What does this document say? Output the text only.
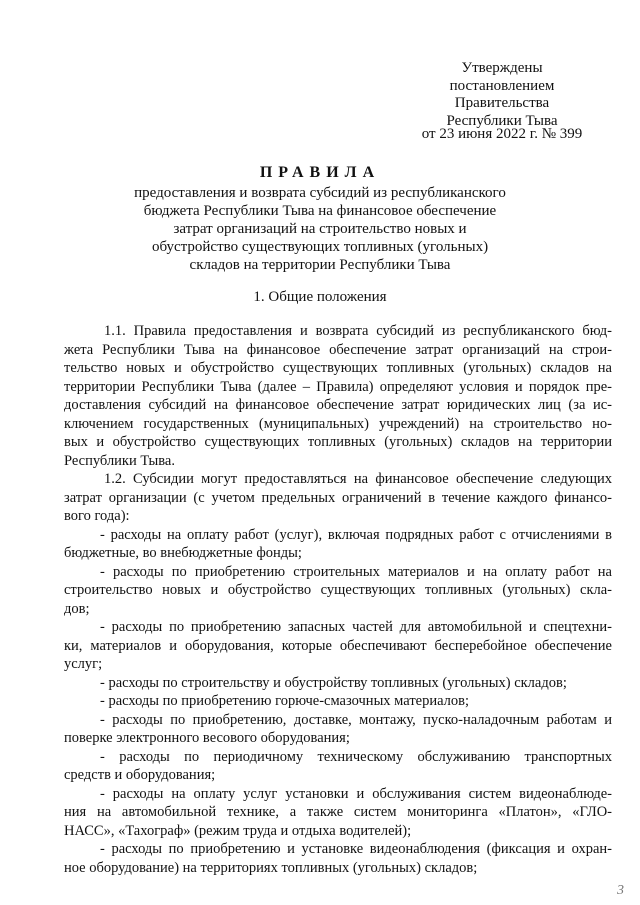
Утверждены
постановлением Правительства
Республики Тыва
от 23 июня 2022 г. № 399
ПРАВИЛА
предоставления и возврата субсидий из республиканского
бюджета Республики Тыва на финансовое обеспечение
затрат организаций на строительство новых и
обустройство существующих топливных (угольных)
складов на территории Республики Тыва
1. Общие положения
1.1. Правила предоставления и возврата субсидий из республиканского бюд-
жета Республики Тыва на финансовое обеспечение затрат организаций на строи-
тельство новых и обустройство существующих топливных (угольных) складов на
территории Республики Тыва (далее – Правила) определяют условия и порядок пре-
доставления субсидий на финансовое обеспечение затрат юридических лиц (за ис-
ключением государственных (муниципальных) учреждений) на строительство но-
вых и обустройство существующих топливных (угольных) складов на территории
Республики Тыва.
1.2. Субсидии могут предоставляться на финансовое обеспечение следующих
затрат организации (с учетом предельных ограничений в течение каждого финансо-
вого года):
- расходы на оплату работ (услуг), включая подрядных работ с отчислениями в
бюджетные, во внебюджетные фонды;
- расходы по приобретению строительных материалов и на оплату работ на
строительство новых и обустройство существующих топливных (угольных) скла-
дов;
- расходы по приобретению запасных частей для автомобильной и спецтехни-
ки, материалов и оборудования, которые обеспечивают бесперебойное обеспечение
услуг;
- расходы по строительству и обустройству топливных (угольных) складов;
- расходы по приобретению горюче-смазочных материалов;
- расходы по приобретению, доставке, монтажу, пуско-наладочным работам и
поверке электронного весового оборудования;
- расходы по периодичному техническому обслуживанию транспортных
средств и оборудования;
- расходы на оплату услуг установки и обслуживания систем видеонаблюде-
ния на автомобильной технике, а также систем мониторинга «Платон», «ГЛО-
НАСС», «Тахограф» (режим труда и отдыха водителей);
- расходы по приобретению и установке видеонаблюдения (фиксация и охран-
ное оборудование) на территориях топливных (угольных) складов;
3
